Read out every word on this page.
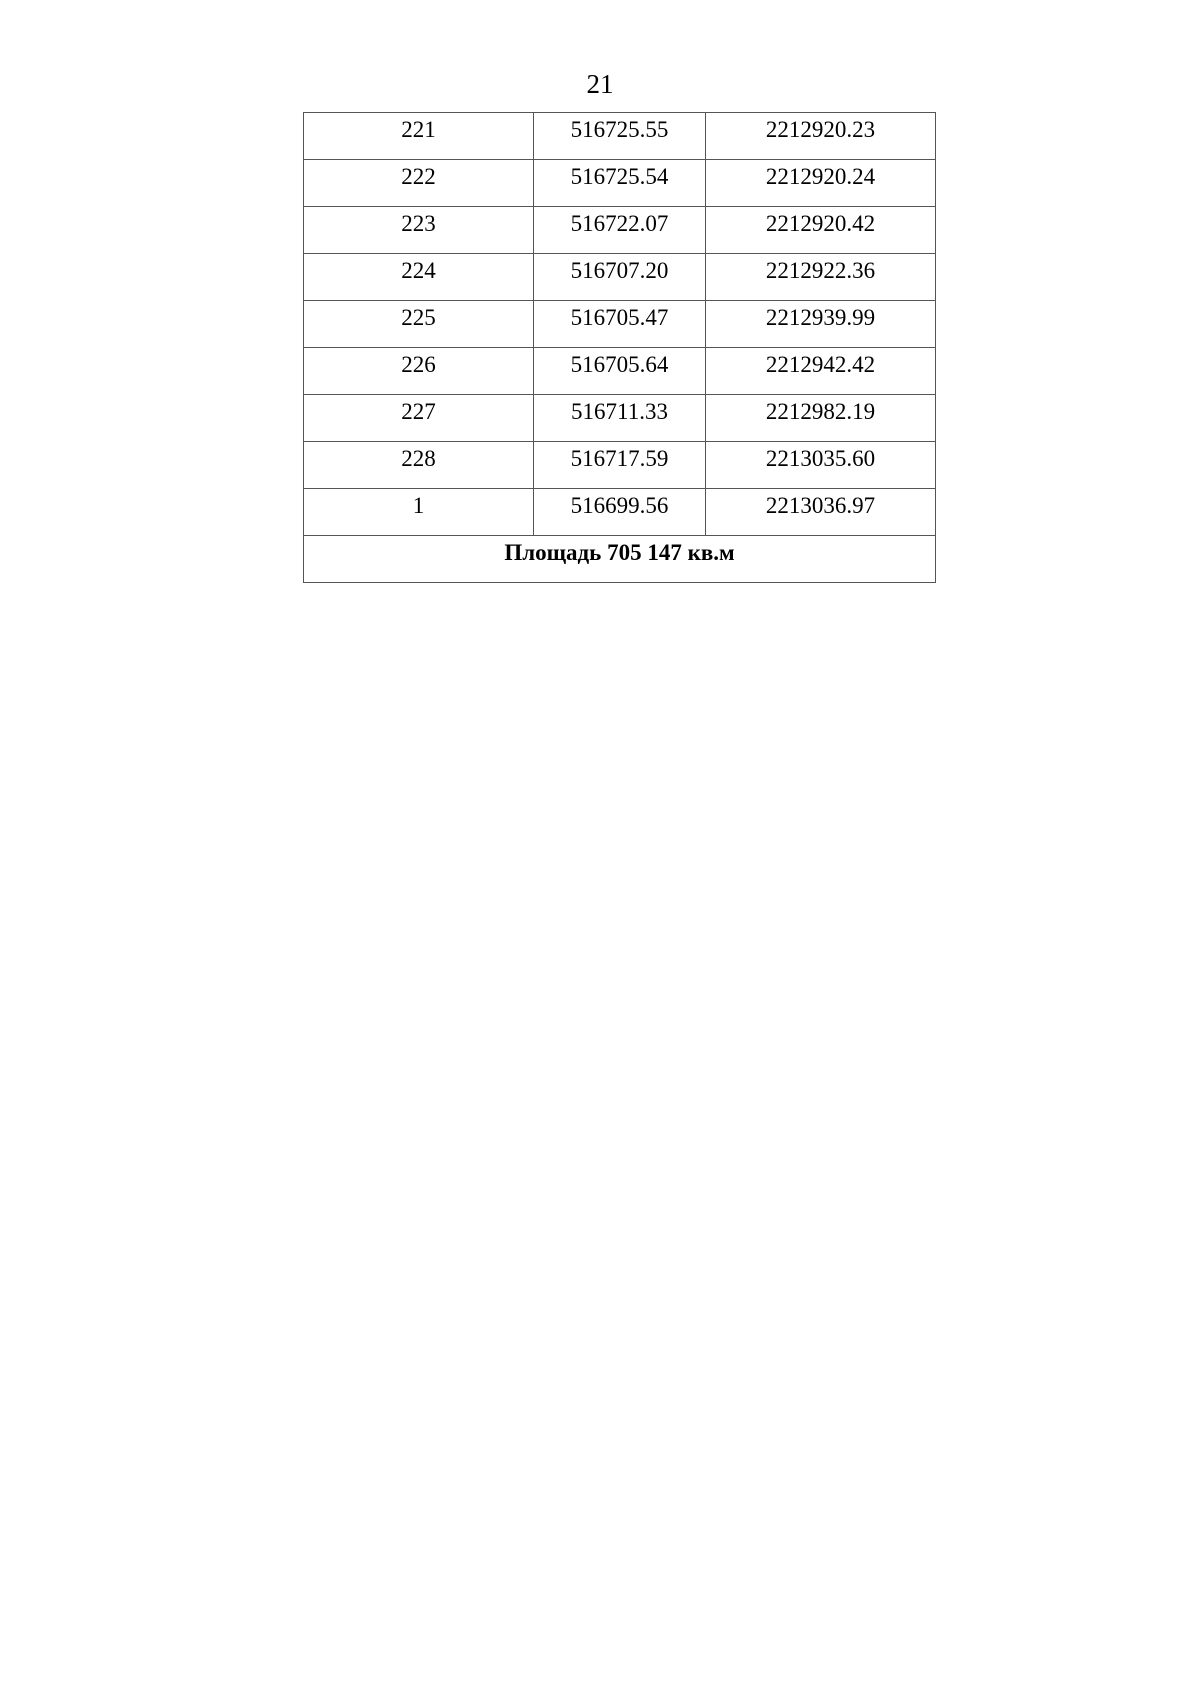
21
221	516725.55	2212920.23
222	516725.54	2212920.24
223	516722.07	2212920.42
224	516707.20	2212922.36
225	516705.47	2212939.99
226	516705.64	2212942.42
227	516711.33	2212982.19
228	516717.59	2213035.60
1	516699.56	2213036.97
Площадь 705 147 кв.м		
